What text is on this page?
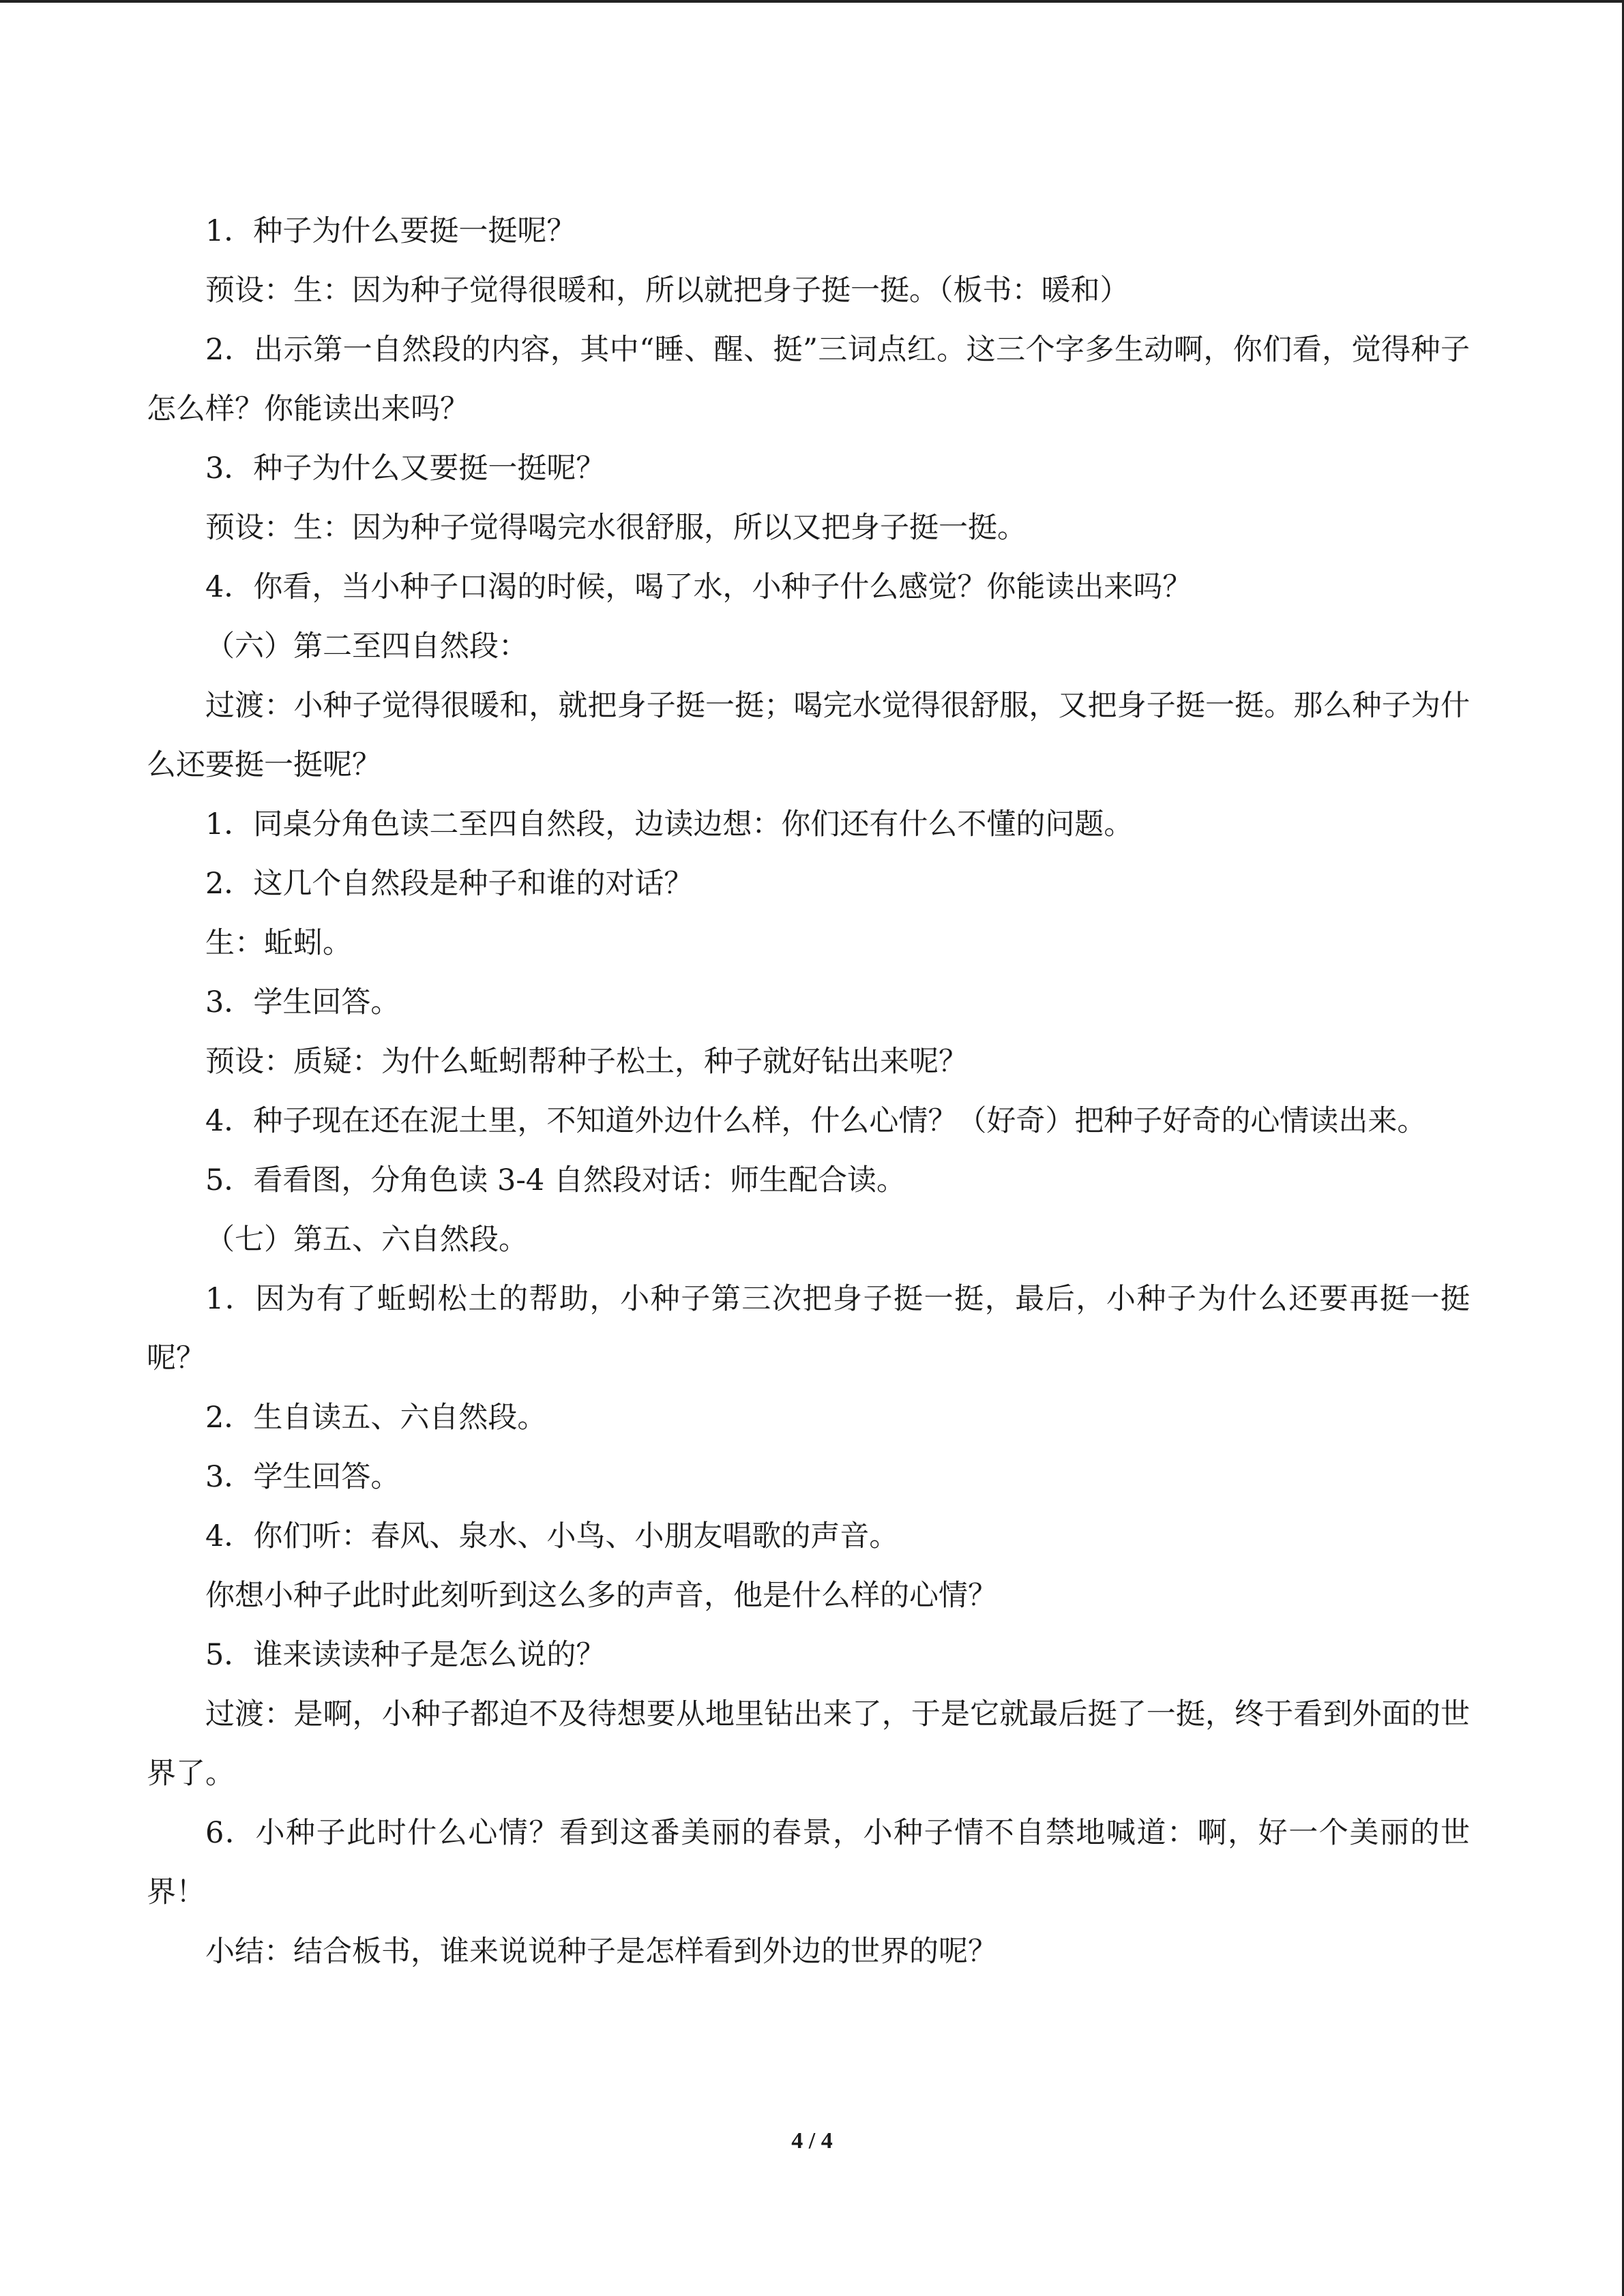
1．种子为什么要挺一挺呢？

预设：生：因为种子觉得很暖和，所以就把身子挺一挺。（板书：暖和）

2．出示第一自然段的内容，其中“睡、醒、挺”三词点红。这三个字多生动啊，你们看，觉得种子怎么样？你能读出来吗？

3．种子为什么又要挺一挺呢？

预设：生：因为种子觉得喝完水很舒服，所以又把身子挺一挺。

4．你看，当小种子口渴的时候，喝了水，小种子什么感觉？你能读出来吗？

（六）第二至四自然段：

过渡：小种子觉得很暖和，就把身子挺一挺；喝完水觉得很舒服，又把身子挺一挺。那么种子为什么还要挺一挺呢？

1．同桌分角色读二至四自然段，边读边想：你们还有什么不懂的问题。

2．这几个自然段是种子和谁的对话？

生：蚯蚓。

3．学生回答。

预设：质疑：为什么蚯蚓帮种子松土，种子就好钻出来呢？

4．种子现在还在泥土里，不知道外边什么样，什么心情？（好奇）把种子好奇的心情读出来。

5．看看图，分角色读 3-4 自然段对话：师生配合读。

（七）第五、六自然段。

1．因为有了蚯蚓松土的帮助，小种子第三次把身子挺一挺，最后，小种子为什么还要再挺一挺呢？

2．生自读五、六自然段。

3．学生回答。

4．你们听：春风、泉水、小鸟、小朋友唱歌的声音。

你想小种子此时此刻听到这么多的声音，他是什么样的心情？

5．谁来读读种子是怎么说的？

过渡：是啊，小种子都迫不及待想要从地里钻出来了，于是它就最后挺了一挺，终于看到外面的世界了。

6．小种子此时什么心情？看到这番美丽的春景，小种子情不自禁地喊道：啊，好一个美丽的世界！

小结：结合板书，谁来说说种子是怎样看到外边的世界的呢？

4 / 4
